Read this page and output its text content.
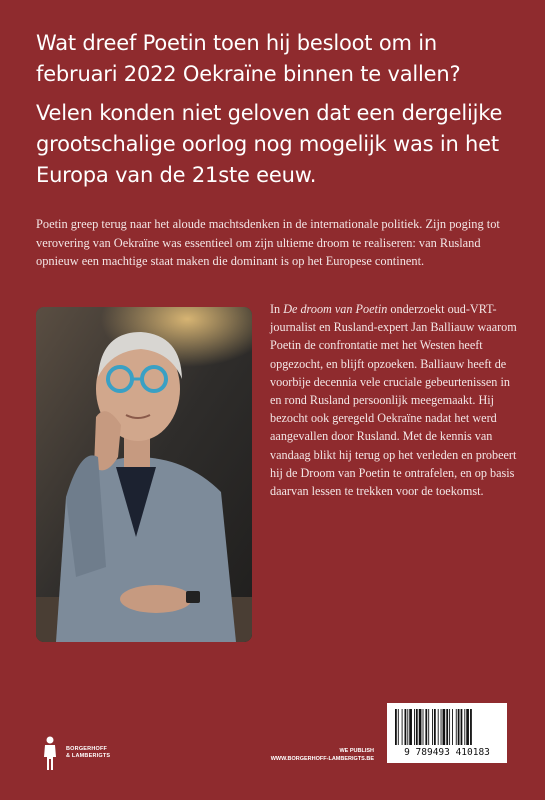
Wat dreef Poetin toen hij besloot om in februari 2022 Oekraïne binnen te vallen?
Velen konden niet geloven dat een dergelijke grootschalige oorlog nog mogelijk was in het Europa van de 21ste eeuw.

Poetin greep terug naar het aloude machtsdenken in de internationale politiek. Zijn poging tot verovering van Oekraïne was essentieel om zijn ultieme droom te realiseren: van Rusland opnieuw een machtige staat maken die dominant is op het Europese continent.

In De droom van Poetin onderzoekt oud-VRT-journalist en Rusland-expert Jan Balliauw waarom Poetin de confrontatie met het Westen heeft opgezocht, en blijft opzoeken. Balliauw heeft de voorbije decennia vele cruciale gebeurtenissen in en rond Rusland persoonlijk meegemaakt. Hij bezocht ook geregeld Oekraïne nadat het werd aangevallen door Rusland. Met de kennis van vandaag blikt hij terug op het verleden en probeert hij de Droom van Poetin te ontrafelen, en op basis daarvan lessen te trekken voor de toekomst.

BORGERHOFF
& LAMBERIGTS
WE PUBLISH
WWW.BORGERHOFF-LAMBERIGTS.BE
9 789493 410183
